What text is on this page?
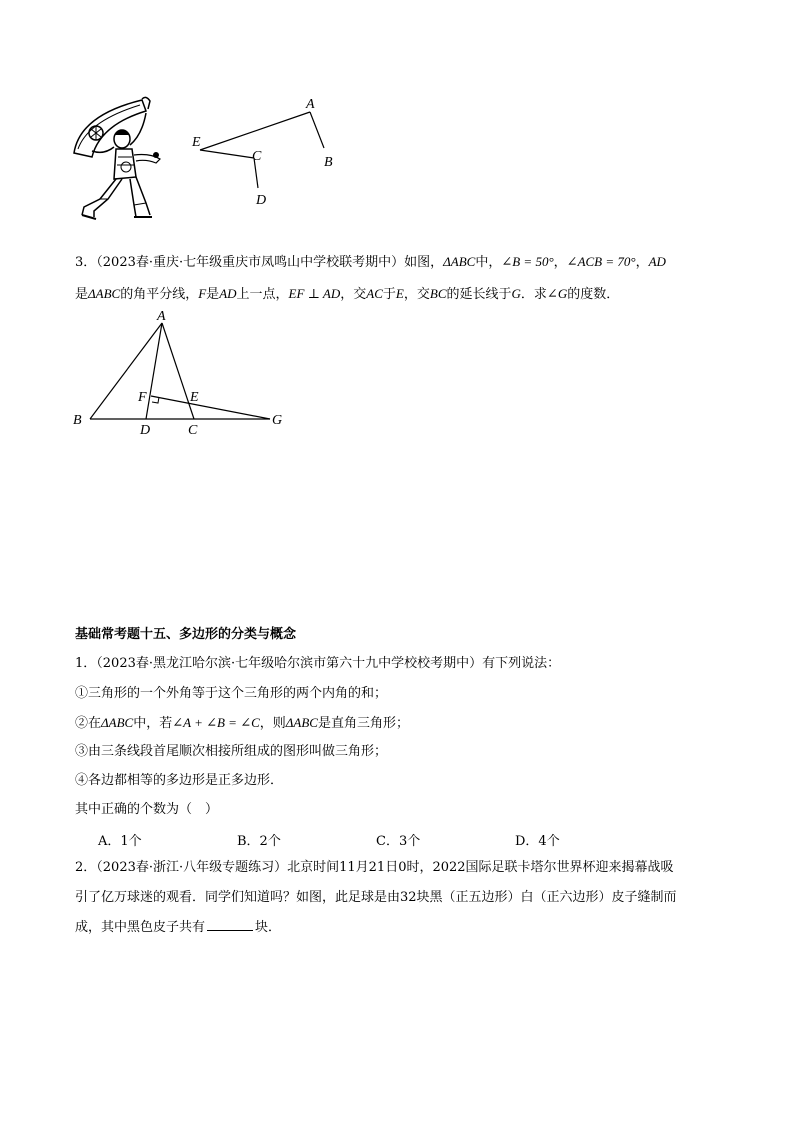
A
B
C
D
E
3．（2023春·重庆·七年级重庆市凤鸣山中学校联考期中）如图，ΔABC中，∠B = 50°，∠ACB = 70°，AD
是ΔABC的角平分线，F是AD上一点，EF ⊥ AD，交AC于E，交BC的延长线于G．求∠G的度数．
A
B
C
D
E
F
G
基础常考题十五、多边形的分类与概念
1．（2023春·黑龙江哈尔滨·七年级哈尔滨市第六十九中学校校考期中）有下列说法：
①三角形的一个外角等于这个三角形的两个内角的和；
②在ΔABC中，若∠A + ∠B = ∠C，则ΔABC是直角三角形；
③由三条线段首尾顺次相接所组成的图形叫做三角形；
④各边都相等的多边形是正多边形．
其中正确的个数为（　）
A．1个	B．2个	C．3个	D．4个
2．（2023春·浙江·八年级专题练习）北京时间11月21日0时，2022国际足联卡塔尔世界杯迎来揭幕战吸
引了亿万球迷的观看．同学们知道吗？如图，此足球是由32块黑（正五边形）白（正六边形）皮子缝制而
成，其中黑色皮子共有	块．
